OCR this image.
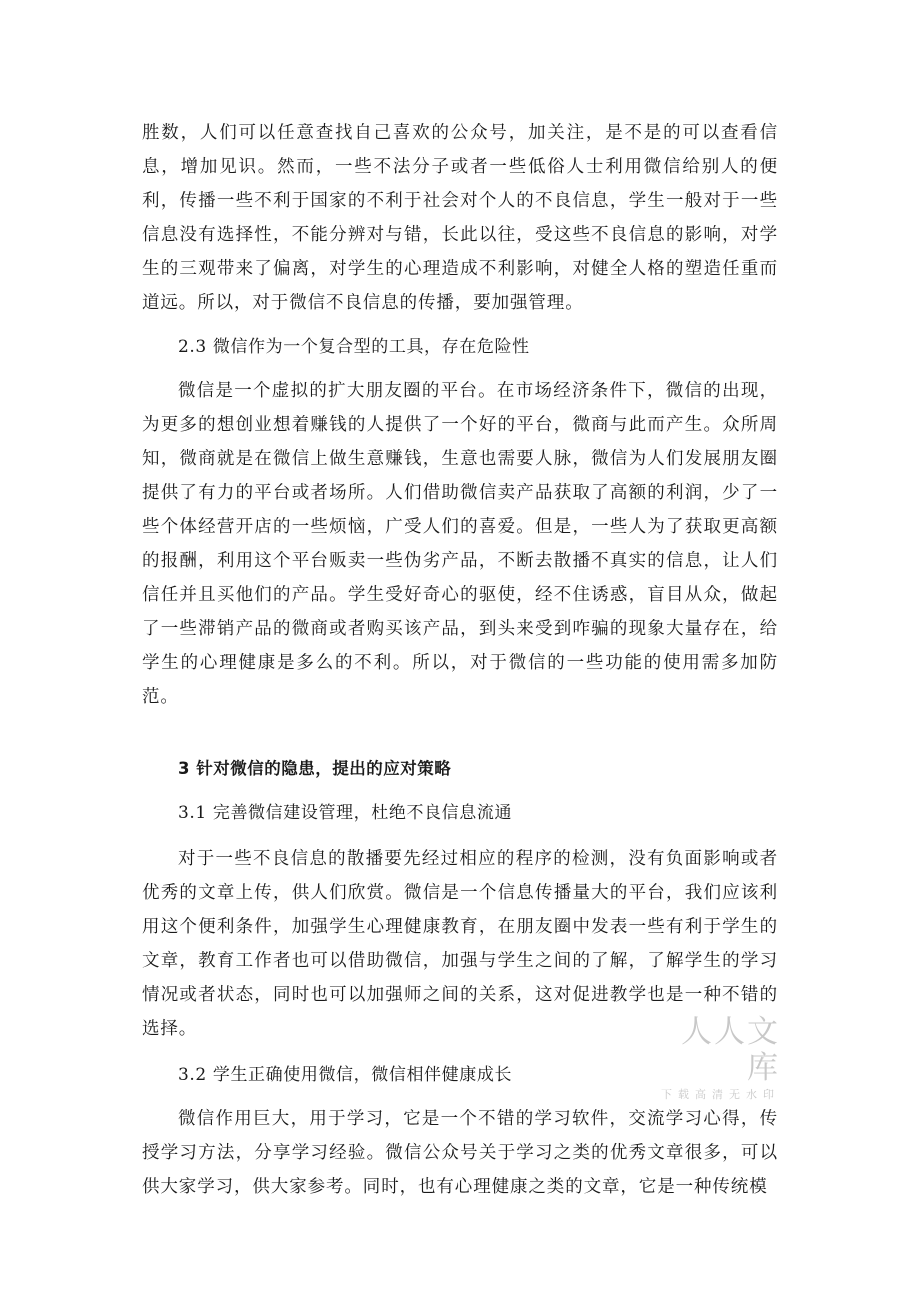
胜数，人们可以任意查找自己喜欢的公众号，加关注，是不是的可以查看信息，增加见识。然而，一些不法分子或者一些低俗人士利用微信给别人的便利，传播一些不利于国家的不利于社会对个人的不良信息，学生一般对于一些信息没有选择性，不能分辨对与错，长此以往，受这些不良信息的影响，对学生的三观带来了偏离，对学生的心理造成不利影响，对健全人格的塑造任重而道远。所以，对于微信不良信息的传播，要加强管理。

2.3 微信作为一个复合型的工具，存在危险性

微信是一个虚拟的扩大朋友圈的平台。在市场经济条件下，微信的出现，为更多的想创业想着赚钱的人提供了一个好的平台，微商与此而产生。众所周知，微商就是在微信上做生意赚钱，生意也需要人脉，微信为人们发展朋友圈提供了有力的平台或者场所。人们借助微信卖产品获取了高额的利润，少了一些个体经营开店的一些烦恼，广受人们的喜爱。但是，一些人为了获取更高额的报酬，利用这个平台贩卖一些伪劣产品，不断去散播不真实的信息，让人们信任并且买他们的产品。学生受好奇心的驱使，经不住诱惑，盲目从众，做起了一些滞销产品的微商或者购买该产品，到头来受到咋骗的现象大量存在，给学生的心理健康是多么的不利。所以，对于微信的一些功能的使用需多加防范。

3 针对微信的隐患，提出的应对策略

3.1 完善微信建设管理，杜绝不良信息流通

对于一些不良信息的散播要先经过相应的程序的检测，没有负面影响或者优秀的文章上传，供人们欣赏。微信是一个信息传播量大的平台，我们应该利用这个便利条件，加强学生心理健康教育，在朋友圈中发表一些有利于学生的文章，教育工作者也可以借助微信，加强与学生之间的了解，了解学生的学习情况或者状态，同时也可以加强师之间的关系，这对促进教学也是一种不错的选择。

3.2 学生正确使用微信，微信相伴健康成长

微信作用巨大，用于学习，它是一个不错的学习软件，交流学习心得，传授学习方法，分享学习经验。微信公众号关于学习之类的优秀文章很多，可以供大家学习，供大家参考。同时，也有心理健康之类的文章，它是一种传统模

人人文库
下载高清无水印
